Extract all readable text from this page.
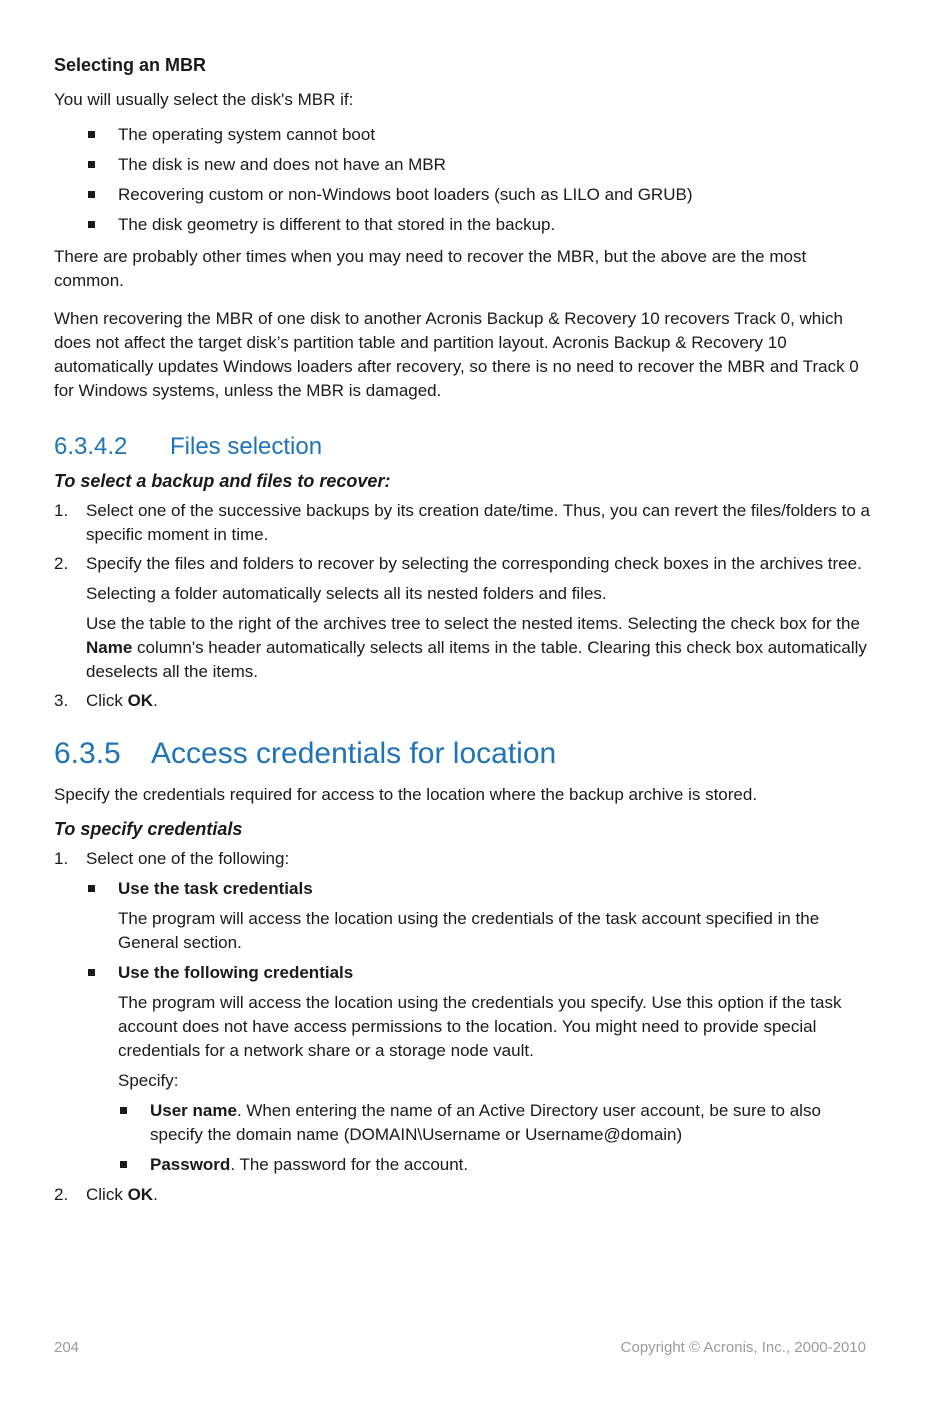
Selecting an MBR

You will usually select the disk's MBR if:

The operating system cannot boot
The disk is new and does not have an MBR
Recovering custom or non-Windows boot loaders (such as LILO and GRUB)
The disk geometry is different to that stored in the backup.

There are probably other times when you may need to recover the MBR, but the above are the most common.

When recovering the MBR of one disk to another Acronis Backup & Recovery 10 recovers Track 0, which does not affect the target disk’s partition table and partition layout. Acronis Backup & Recovery 10 automatically updates Windows loaders after recovery, so there is no need to recover the MBR and Track 0 for Windows systems, unless the MBR is damaged.

6.3.4.2	Files selection
To select a backup and files to recover:
1. Select one of the successive backups by its creation date/time. Thus, you can revert the files/folders to a specific moment in time.

2. Specify the files and folders to recover by selecting the corresponding check boxes in the archives tree.

Selecting a folder automatically selects all its nested folders and files.

Use the table to the right of the archives tree to select the nested items. Selecting the check box for the Name column's header automatically selects all items in the table. Clearing this check box automatically deselects all the items.

3. Click OK.

6.3.5	Access credentials for location

Specify the credentials required for access to the location where the backup archive is stored.

To specify credentials
1. Select one of the following:

Use the task credentials

The program will access the location using the credentials of the task account specified in the General section.

Use the following credentials

The program will access the location using the credentials you specify. Use this option if the task account does not have access permissions to the location. You might need to provide special credentials for a network share or a storage node vault.

Specify:

User name. When entering the name of an Active Directory user account, be sure to also specify the domain name (DOMAIN\Username or Username@domain)

Password. The password for the account.

2. Click OK.

204	Copyright © Acronis, Inc., 2000-2010
